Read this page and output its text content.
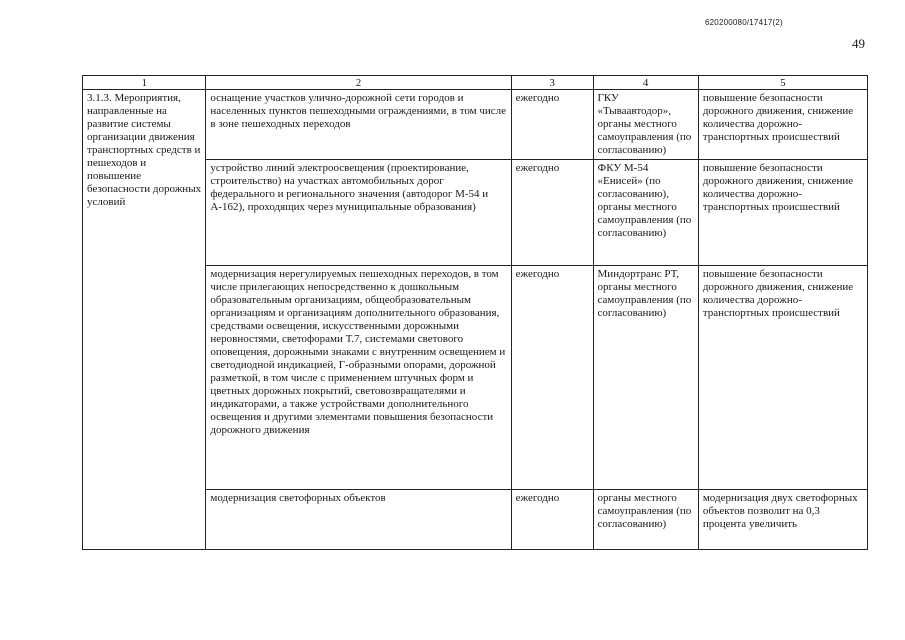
620200080/17417(2)
49
1	2	3	4	5

3.1.3. Мероприятия, направленные на развитие системы организации движения транспортных средств и пешеходов и повышение безопасности дорожных условий	оснащение участков улично-дорожной сети городов и населенных пунктов пешеходными ограждениями, в том числе в зоне пешеходных переходов	ежегодно	ГКУ «Тываавтодор», органы местного самоуправления (по согласованию)	повышение безопасности дорожного движения, снижение количества дорожно-транспортных происшествий

	устройство линий электроосвещения (проектирование, строительство) на участках автомобильных дорог федерального и регионального значения (автодорог М-54 и А-162), проходящих через муниципальные образования)	ежегодно	ФКУ М-54 «Енисей» (по согласованию), органы местного самоуправления (по согласованию)	повышение безопасности дорожного движения, снижение количества дорожно-транспортных происшествий

	модернизация нерегулируемых пешеходных переходов, в том числе прилегающих непосредственно к дошкольным образовательным организациям, общеобразовательным организациям и организациям дополнительного образования, средствами освещения, искусственными дорожными неровностями, светофорами Т.7, системами светового оповещения, дорожными знаками с внутренним освещением и светодиодной индикацией, Г-образными опорами, дорожной разметкой, в том числе с применением штучных форм и цветных дорожных покрытий, световозвращателями и индикаторами, а также устройствами дополнительного освещения и другими элементами повышения безопасности дорожного движения	ежегодно	Миндортранс РТ, органы местного самоуправления (по согласованию)	повышение безопасности дорожного движения, снижение количества дорожно-транспортных происшествий

	модернизация светофорных объектов	ежегодно	органы местного самоуправления (по согласованию)	модернизация двух светофорных объектов позволит на 0,3 процента увеличить
